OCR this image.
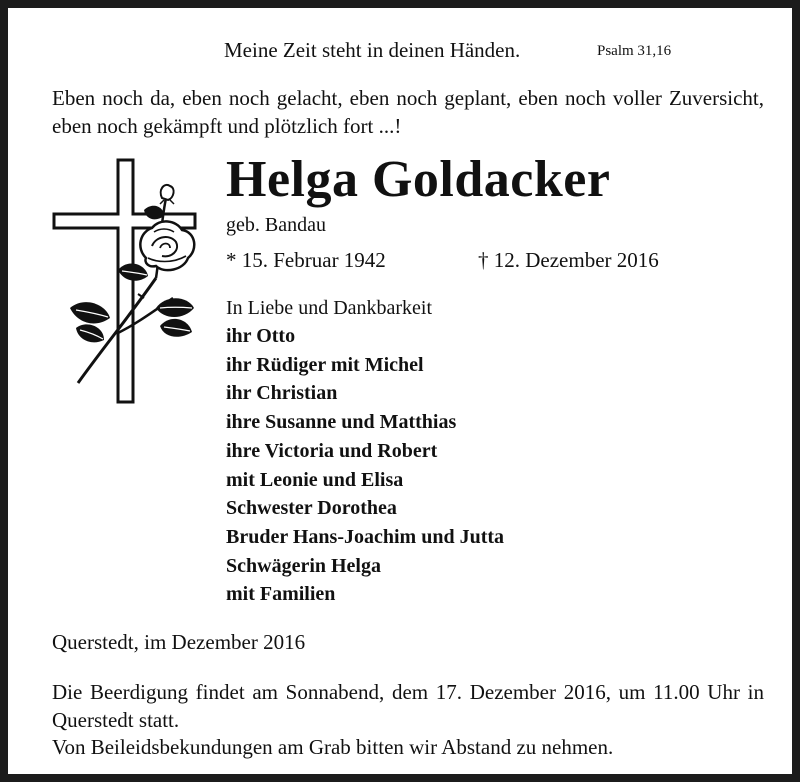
Meine Zeit steht in deinen Händen.	Psalm 31,16
Eben noch da, eben noch gelacht, eben noch geplant, eben noch voller Zuversicht, eben noch gekämpft und plötzlich fort ...!
Helga Goldacker
geb. Bandau
* 15. Februar 1942	† 12. Dezember 2016
In Liebe und Dankbarkeit
ihr Otto
ihr Rüdiger mit Michel
ihr Christian
ihre Susanne und Matthias
ihre Victoria und Robert
mit Leonie und Elisa
Schwester Dorothea
Bruder Hans-Joachim und Jutta
Schwägerin Helga
mit Familien
Querstedt, im Dezember 2016
Die Beerdigung findet am Sonnabend, dem 17. Dezember 2016, um 11.00 Uhr in Querstedt statt.
Von Beileidsbekundungen am Grab bitten wir Abstand zu nehmen.
